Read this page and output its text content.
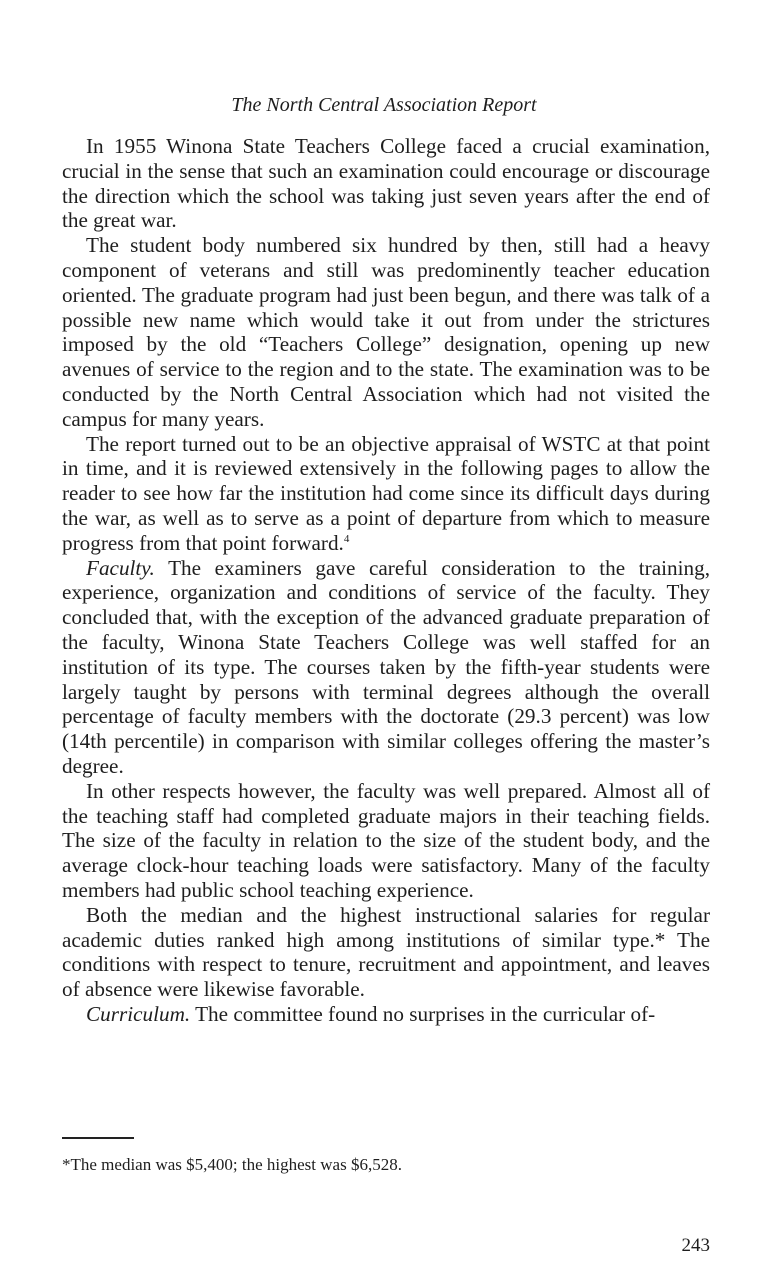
The North Central Association Report

In 1955 Winona State Teachers College faced a crucial examination, crucial in the sense that such an examination could encourage or discourage the direction which the school was taking just seven years after the end of the great war.

The student body numbered six hundred by then, still had a heavy component of veterans and still was predominently teacher education oriented. The graduate program had just been begun, and there was talk of a possible new name which would take it out from under the strictures imposed by the old “Teachers College” designation, opening up new avenues of service to the region and to the state. The examination was to be conducted by the North Central Association which had not visited the campus for many years.

The report turned out to be an objective appraisal of WSTC at that point in time, and it is reviewed extensively in the following pages to allow the reader to see how far the institution had come since its difficult days during the war, as well as to serve as a point of departure from which to measure progress from that point forward.$^4$

Faculty. The examiners gave careful consideration to the training, experience, organization and conditions of service of the faculty. They concluded that, with the exception of the advanced graduate preparation of the faculty, Winona State Teachers College was well staffed for an institution of its type. The courses taken by the fifth-year students were largely taught by persons with terminal degrees although the overall percentage of faculty members with the doctorate (29.3 percent) was low (14th percentile) in comparison with similar colleges offering the master’s degree.

In other respects however, the faculty was well prepared. Almost all of the teaching staff had completed graduate majors in their teaching fields. The size of the faculty in relation to the size of the student body, and the average clock-hour teaching loads were satisfactory. Many of the faculty members had public school teaching experience.

Both the median and the highest instructional salaries for regular academic duties ranked high among institutions of similar type.* The conditions with respect to tenure, recruitment and appointment, and leaves of absence were likewise favorable.

Curriculum. The committee found no surprises in the curricular of-

*The median was $5,400; the highest was $6,528.
243
